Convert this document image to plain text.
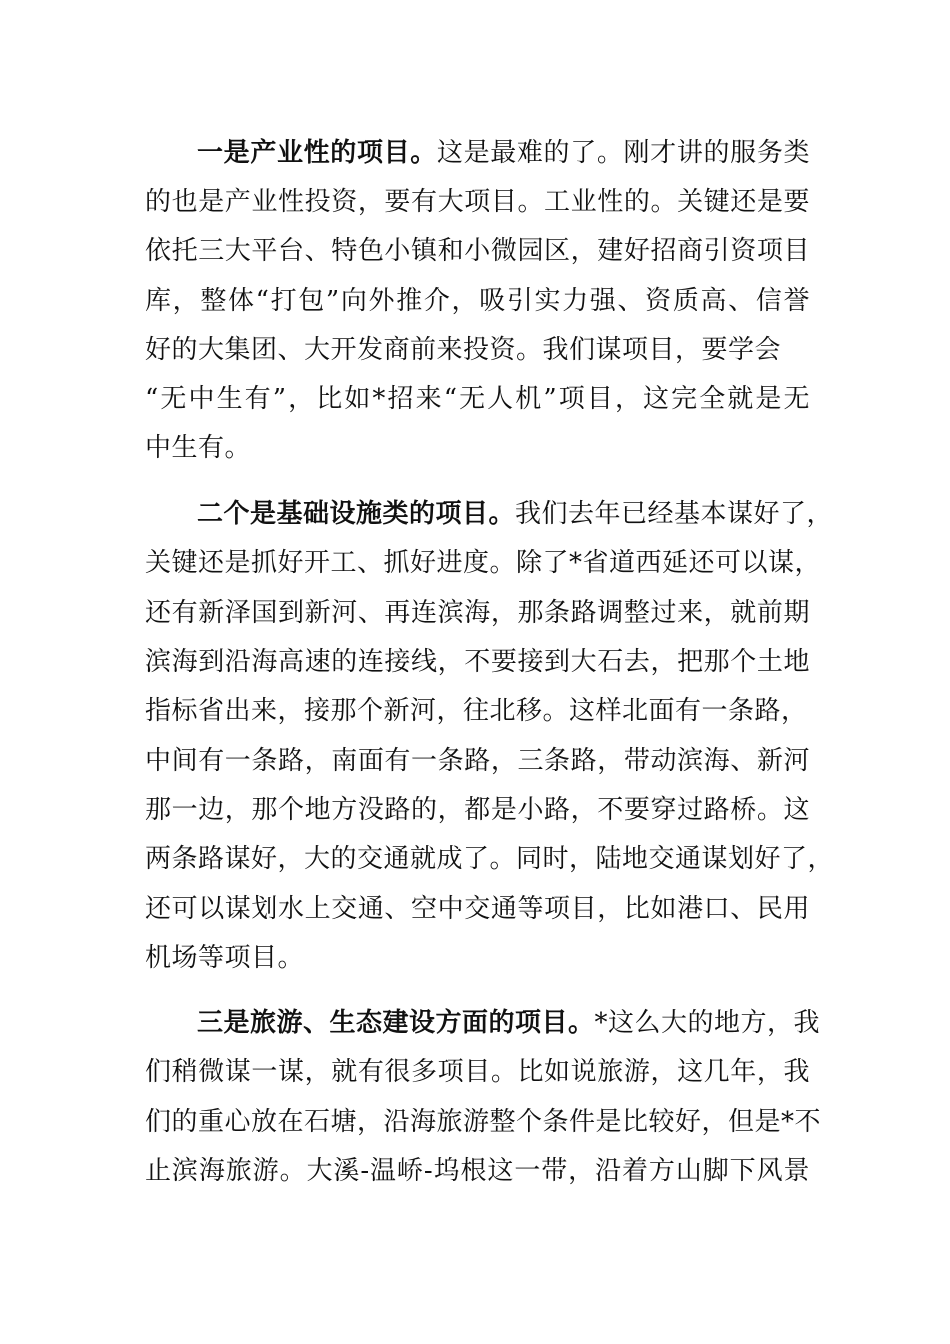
一是产业性的项目。这是最难的了。刚才讲的服务类
的也是产业性投资，要有大项目。工业性的。关键还是要
依托三大平台、特色小镇和小微园区，建好招商引资项目
库，整体“打包”向外推介，吸引实力强、资质高、信誉
好的大集团、大开发商前来投资。我们谋项目，要学会
“无中生有”，比如*招来“无人机”项目，这完全就是无
中生有。
二个是基础设施类的项目。我们去年已经基本谋好了，
关键还是抓好开工、抓好进度。除了*省道西延还可以谋，
还有新泽国到新河、再连滨海，那条路调整过来，就前期
滨海到沿海高速的连接线，不要接到大石去，把那个土地
指标省出来，接那个新河，往北移。这样北面有一条路，
中间有一条路，南面有一条路，三条路，带动滨海、新河
那一边，那个地方没路的，都是小路，不要穿过路桥。这
两条路谋好，大的交通就成了。同时，陆地交通谋划好了，
还可以谋划水上交通、空中交通等项目，比如港口、民用
机场等项目。
三是旅游、生态建设方面的项目。*这么大的地方，我
们稍微谋一谋，就有很多项目。比如说旅游，这几年，我
们的重心放在石塘，沿海旅游整个条件是比较好，但是*不
止滨海旅游。大溪-温峤-坞根这一带，沿着方山脚下风景
